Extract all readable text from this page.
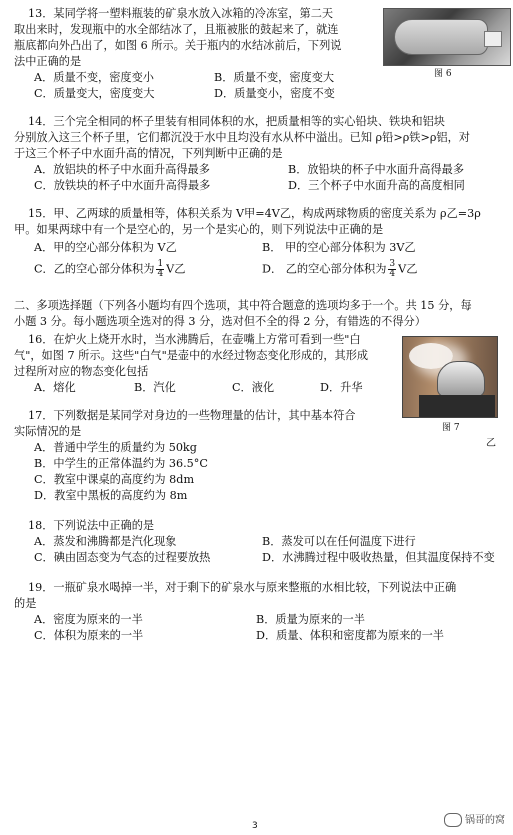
13．某同学将一塑料瓶装的矿泉水放入冰箱的冷冻室，第二天
取出来时，发现瓶中的水全部结冰了，且瓶被胀的鼓起来了，就连
瓶底都向外凸出了，如图 6 所示。关于瓶内的水结冰前后，下列说
法中正确的是
A．质量不变，密度变小	B．质量不变，密度变大
C．质量变大，密度变大	D．质量变小，密度不变
图 6
14．三个完全相同的杯子里装有相同体积的水，把质量相等的实心铅块、铁块和铝块
分别放入这三个杯子里，它们都沉没于水中且均没有水从杯中溢出。已知 ρ铅>ρ铁>ρ铝，对
于这三个杯子中水面升高的情况，下列判断中正确的是
A．放铝块的杯子中水面升高得最多	B．放铅块的杯子中水面升高得最多
C．放铁块的杯子中水面升高得最多	D．三个杯子中水面升高的高度相同
15．甲、乙两球的质量相等，体积关系为 V甲=4V乙，构成两球物质的密度关系为 ρ乙=3ρ
甲。如果两球中有一个是空心的，另一个是实心的，则下列说法中正确的是
A．甲的空心部分体积为 V乙	B． 甲的空心部分体积为 3V乙
C．乙的空心部分体积为 $\frac{1}{4}$ V乙	D． 乙的空心部分体积为 $\frac{3}{4}$ V乙
二、多项选择题（下列各小题均有四个选项，其中符合题意的选项均多于一个。共 15 分，每
小题 3 分。每小题选项全选对的得 3 分，选对但不全的得 2 分，有错选的不得分）
16．在炉火上烧开水时，当水沸腾后，在壶嘴上方常可看到一些"白
气"，如图 7 所示。这些"白气"是壶中的水经过物态变化形成的，其形成
过程所对应的物态变化包括
A．熔化	B．汽化	C．液化	D．升华
图 7
乙
17．下列数据是某同学对身边的一些物理量的估计，其中基本符合
实际情况的是
A．普通中学生的质量约为 50kg
B．中学生的正常体温约为 36.5°C
C．教室中课桌的高度约为 8dm
D．教室中黑板的高度约为 8m
18．下列说法中正确的是
A．蒸发和沸腾都是汽化现象	B．蒸发可以在任何温度下进行
C．碘由固态变为气态的过程要放热	D．水沸腾过程中吸收热量，但其温度保持不变
19．一瓶矿泉水喝掉一半，对于剩下的矿泉水与原来整瓶的水相比较，下列说法中正确
的是
A．密度为原来的一半	B．质量为原来的一半
C．体积为原来的一半	D．质量、体积和密度都为原来的一半
3	锅哥的窝
